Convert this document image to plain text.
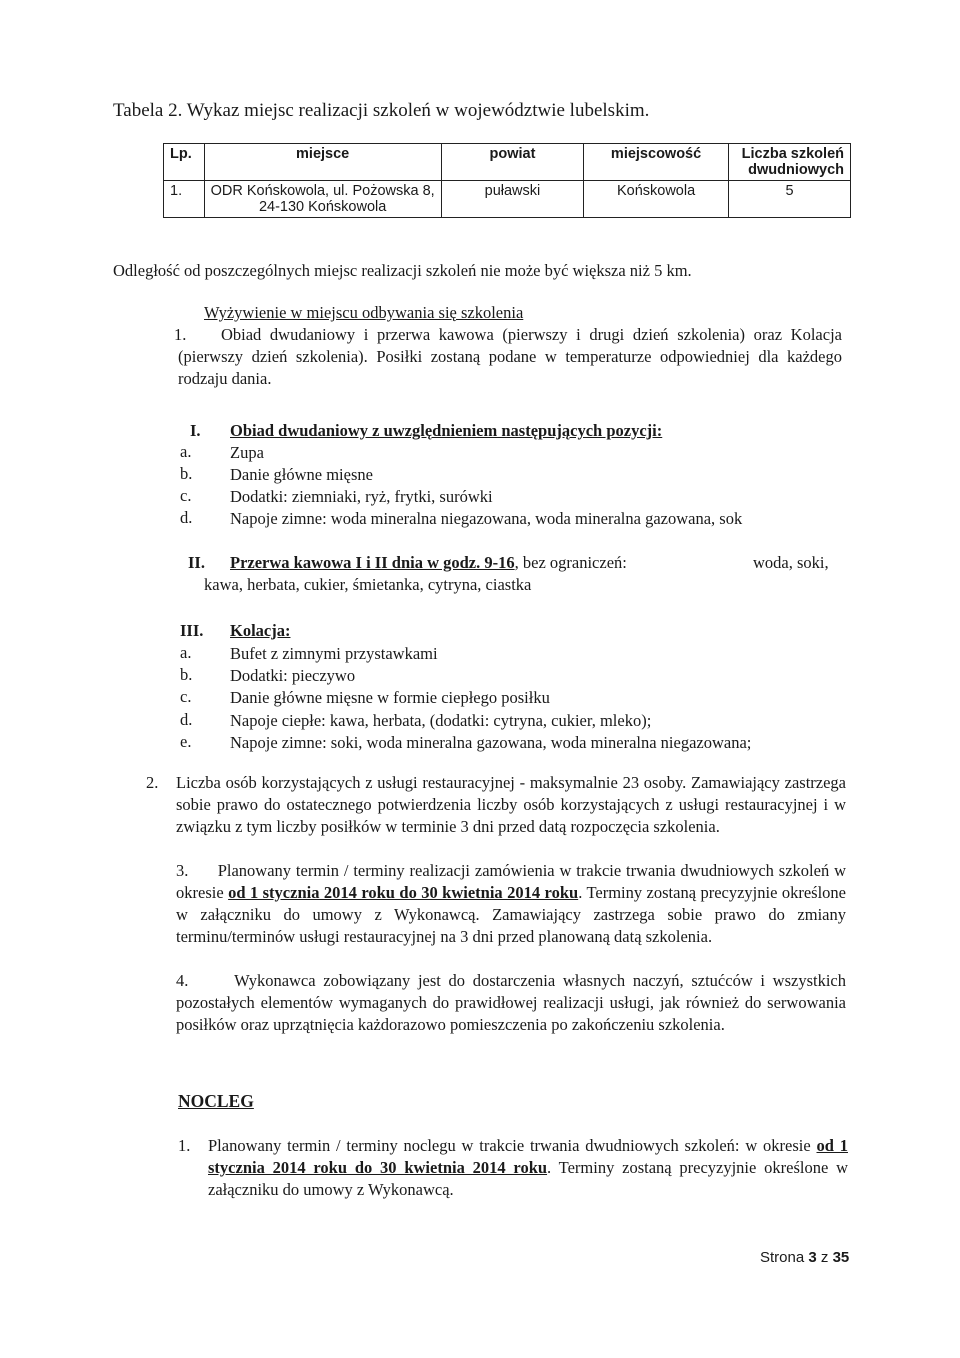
Tabela 2. Wykaz miejsc realizacji szkoleń w województwie lubelskim.
Lp.	miejsce	powiat	miejscowość	Liczba szkoleń dwudniowych
1.	ODR Końskowola, ul. Pożowska 8, 24-130 Końskowola	puławski	Końskowola	5
Odległość od poszczególnych miejsc realizacji szkoleń nie może być większa niż 5 km.
Wyżywienie w miejscu odbywania się szkolenia
1. Obiad dwudaniowy i przerwa kawowa (pierwszy i drugi dzień szkolenia) oraz Kolacja (pierwszy dzień szkolenia). Posiłki zostaną podane w temperaturze odpowiedniej dla każdego rodzaju dania.
I. Obiad dwudaniowy z uwzględnieniem następujących pozycji:
a. Zupa
b. Danie główne mięsne
c. Dodatki: ziemniaki, ryż, frytki, surówki
d. Napoje zimne: woda mineralna niegazowana, woda mineralna gazowana, sok
II. Przerwa kawowa I i II dnia w godz. 9-16, bez ograniczeń:	woda, soki,
kawa, herbata, cukier, śmietanka, cytryna, ciastka
III. Kolacja:
a. Bufet z zimnymi przystawkami
b. Dodatki: pieczywo
c. Danie główne mięsne w formie ciepłego posiłku
d. Napoje ciepłe: kawa, herbata, (dodatki: cytryna, cukier, mleko);
e. Napoje zimne: soki, woda mineralna gazowana, woda mineralna niegazowana;
2. Liczba osób korzystających z usługi restauracyjnej - maksymalnie 23 osoby. Zamawiający zastrzega sobie prawo do ostatecznego potwierdzenia liczby osób korzystających z usługi restauracyjnej i w związku z tym liczby posiłków w terminie 3 dni przed datą rozpoczęcia szkolenia.
3. Planowany termin / terminy realizacji zamówienia w trakcie trwania dwudniowych szkoleń w okresie od 1 stycznia 2014 roku do 30 kwietnia 2014 roku. Terminy zostaną precyzyjnie określone w załączniku do umowy z Wykonawcą. Zamawiający zastrzega sobie prawo do zmiany terminu/terminów usługi restauracyjnej na 3 dni przed planowaną datą szkolenia.
4.	Wykonawca zobowiązany jest do dostarczenia własnych naczyń, sztućców i wszystkich pozostałych elementów wymaganych do prawidłowej realizacji usługi, jak również do serwowania posiłków oraz uprzątnięcia każdorazowo pomieszczenia po zakończeniu szkolenia.
NOCLEG
1. Planowany termin / terminy noclegu w trakcie trwania dwudniowych szkoleń: w okresie od 1 stycznia 2014 roku do 30 kwietnia 2014 roku. Terminy zostaną precyzyjnie określone w załączniku do umowy z Wykonawcą.
Strona 3 z 35
